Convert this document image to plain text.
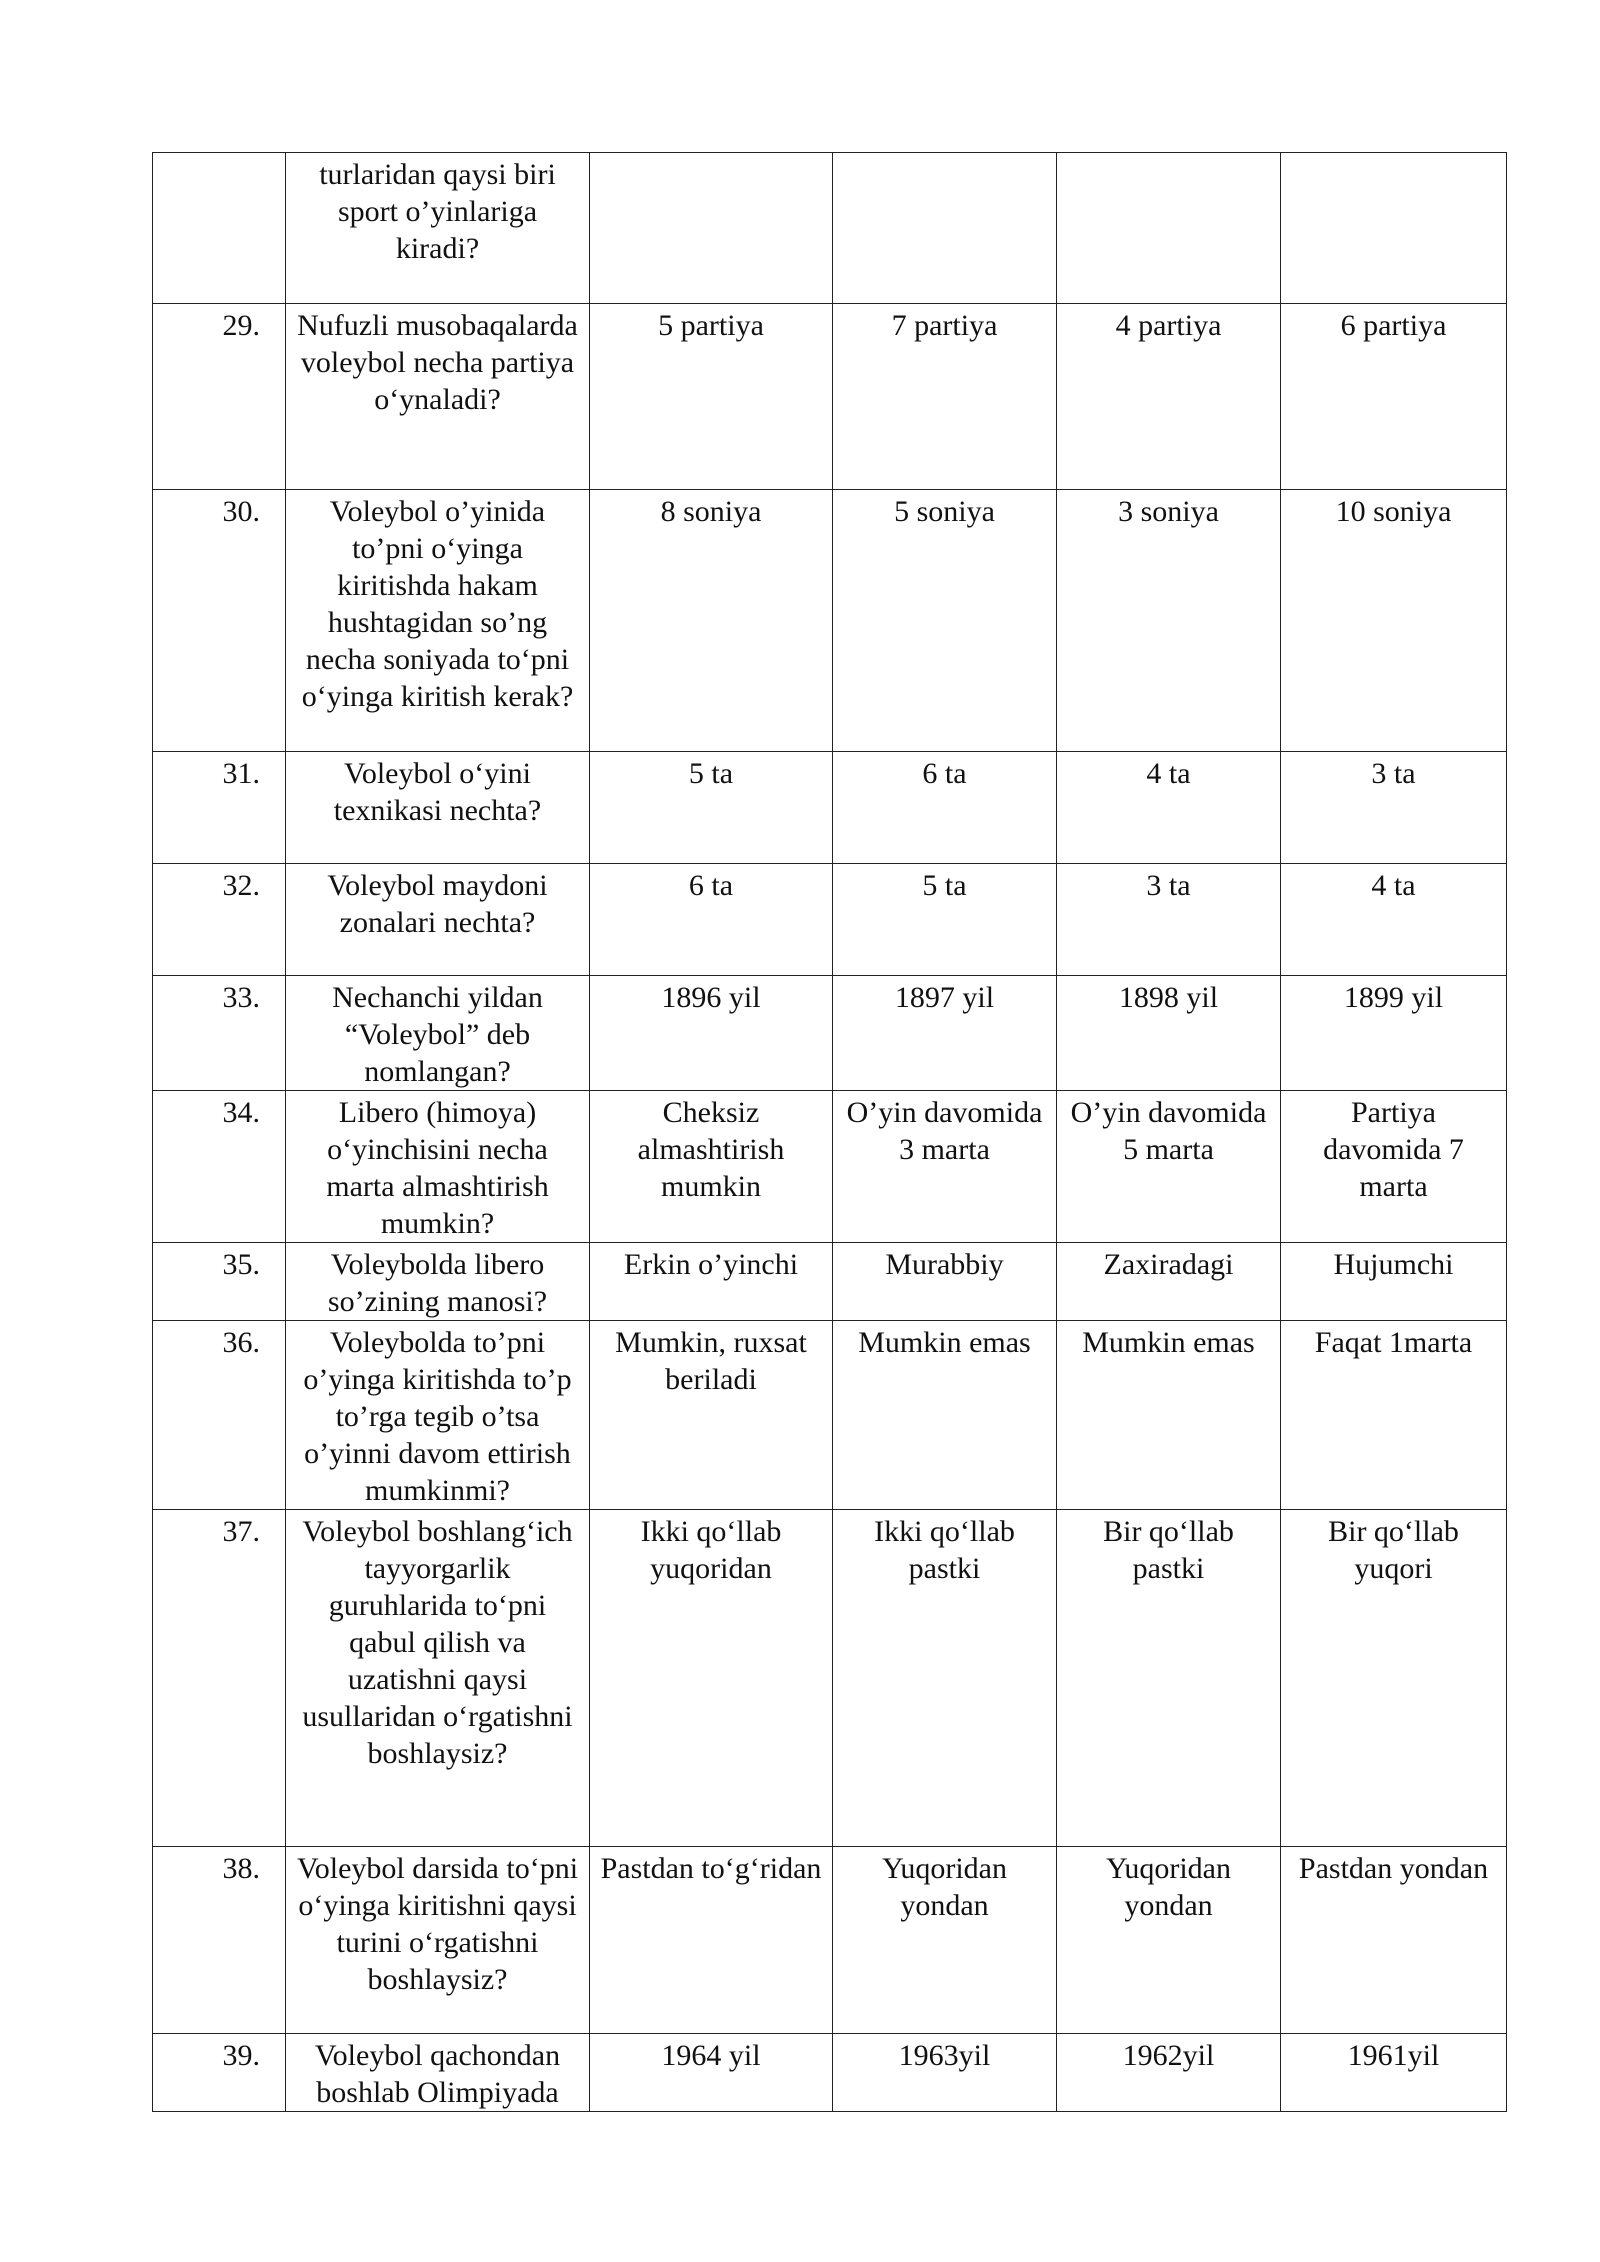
	turlaridan qaysi biri sport o’yinlariga kiradi?				
29.	Nufuzli musobaqalarda voleybol necha partiya o‘ynaladi?	5 partiya	7 partiya	4 partiya	6 partiya
30.	Voleybol o’yinida to’pni o‘yinga kiritishda hakam hushtagidan so’ng necha soniyada to‘pni o‘yinga kiritish kerak?	8 soniya	5 soniya	3 soniya	10 soniya
31.	Voleybol o‘yini texnikasi nechta?	5 ta	6 ta	4 ta	3 ta
32.	Voleybol maydoni zonalari nechta?	6 ta	5 ta	3 ta	4 ta
33.	Nechanchi yildan “Voleybol” deb nomlangan?	1896 yil	1897 yil	1898 yil	1899 yil
34.	Libero (himoya) o‘yinchisini necha marta almashtirish mumkin?	Cheksiz almashtirish mumkin	O’yin davomida 3 marta	O’yin davomida 5 marta	Partiya davomida 7 marta
35.	Voleybolda libero so’zining manosi?	Erkin o’yinchi	Murabbiy	Zaxiradagi	Hujumchi
36.	Voleybolda to’pni o’yinga kiritishda to’p to’rga tegib o’tsa o’yinni davom ettirish mumkinmi?	Mumkin, ruxsat beriladi	Mumkin emas	Mumkin emas	Faqat 1marta
37.	Voleybol boshlang‘ich tayyorgarlik guruhlarida to‘pni qabul qilish va uzatishni qaysi usullaridan o‘rgatishni boshlaysiz?	Ikki qo‘llab yuqoridan	Ikki qo‘llab pastki	Bir qo‘llab pastki	Bir qo‘llab yuqori
38.	Voleybol darsida to‘pni o‘yinga kiritishni qaysi turini o‘rgatishni boshlaysiz?	Pastdan to‘g‘ridan	Yuqoridan yondan	Yuqoridan yondan	Pastdan yondan
39.	Voleybol qachondan boshlab Olimpiyada	1964 yil	1963yil	1962yil	1961yil
